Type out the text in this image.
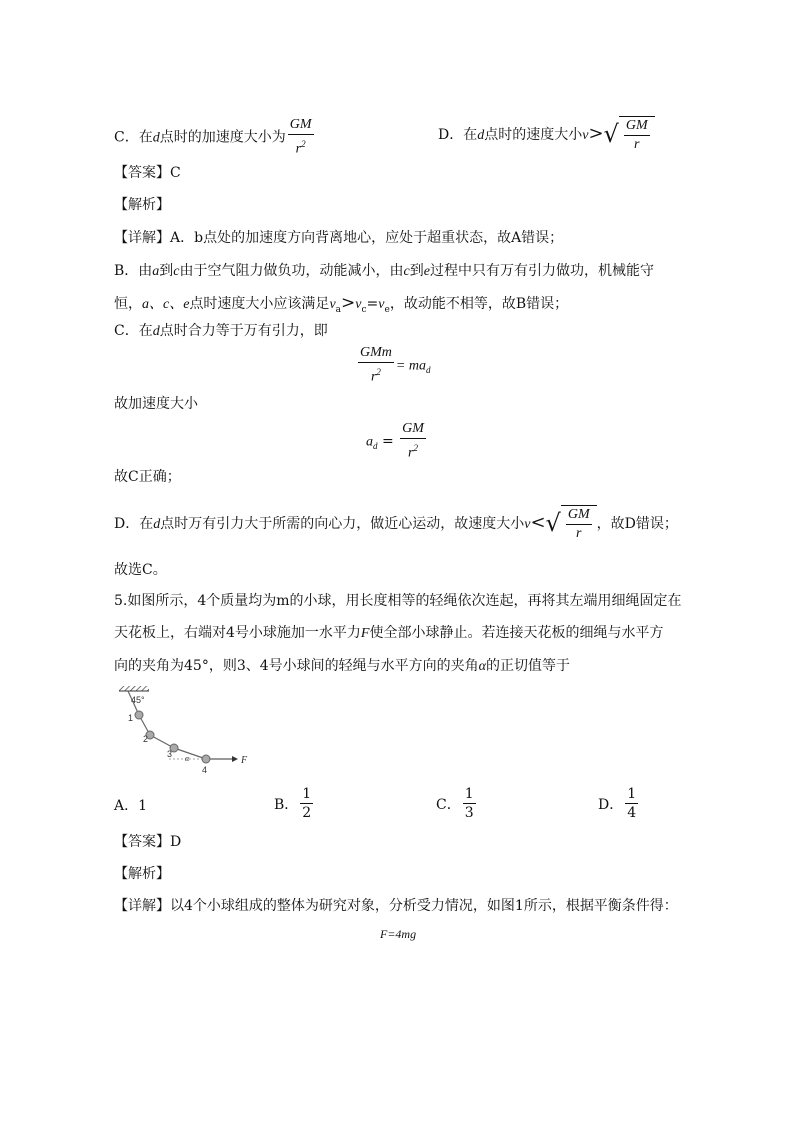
C．在d点时的加速度大小为 $\frac{GM}{r^2}$	D．在d点时的速度大小v> √ $\frac{GM}{r}$
【答案】C
【解析】
【详解】A．b点处的加速度方向背离地心，应处于超重状态，故A错误；
B．由a到c由于空气阻力做负功，动能减小，由c到e过程中只有万有引力做功，机械能守
恒，a、c、e点时速度大小应该满足$v_a>v_c=v_e$，故动能不相等，故B错误；
C．在d点时合力等于万有引力，即
$\frac{\text{GMm}}{r^2} = ma_d$
故加速度大小
$a_d = \frac{GM}{r^2}$
故C正确；
D．在d点时万有引力大于所需的向心力，做近心运动，故速度大小v< √ $\frac{GM}{r}$ ，故D错误；
故选C。
5.如图所示，4个质量均为m的小球，用长度相等的轻绳依次连起，再将其左端用细绳固定在
天花板上，右端对4号小球施加一水平力F使全部小球静止。若连接天花板的细绳与水平方
向的夹角为45°，则3、4号小球间的轻绳与水平方向的夹角α的正切值等于
45°
1
2
3
4
F
α
A．1	B． $\frac{1}{2}$	C． $\frac{1}{3}$	D． $\frac{1}{4}$
【答案】D
【解析】
【详解】以4个小球组成的整体为研究对象，分析受力情况，如图1所示，根据平衡条件得：
F=4mg
